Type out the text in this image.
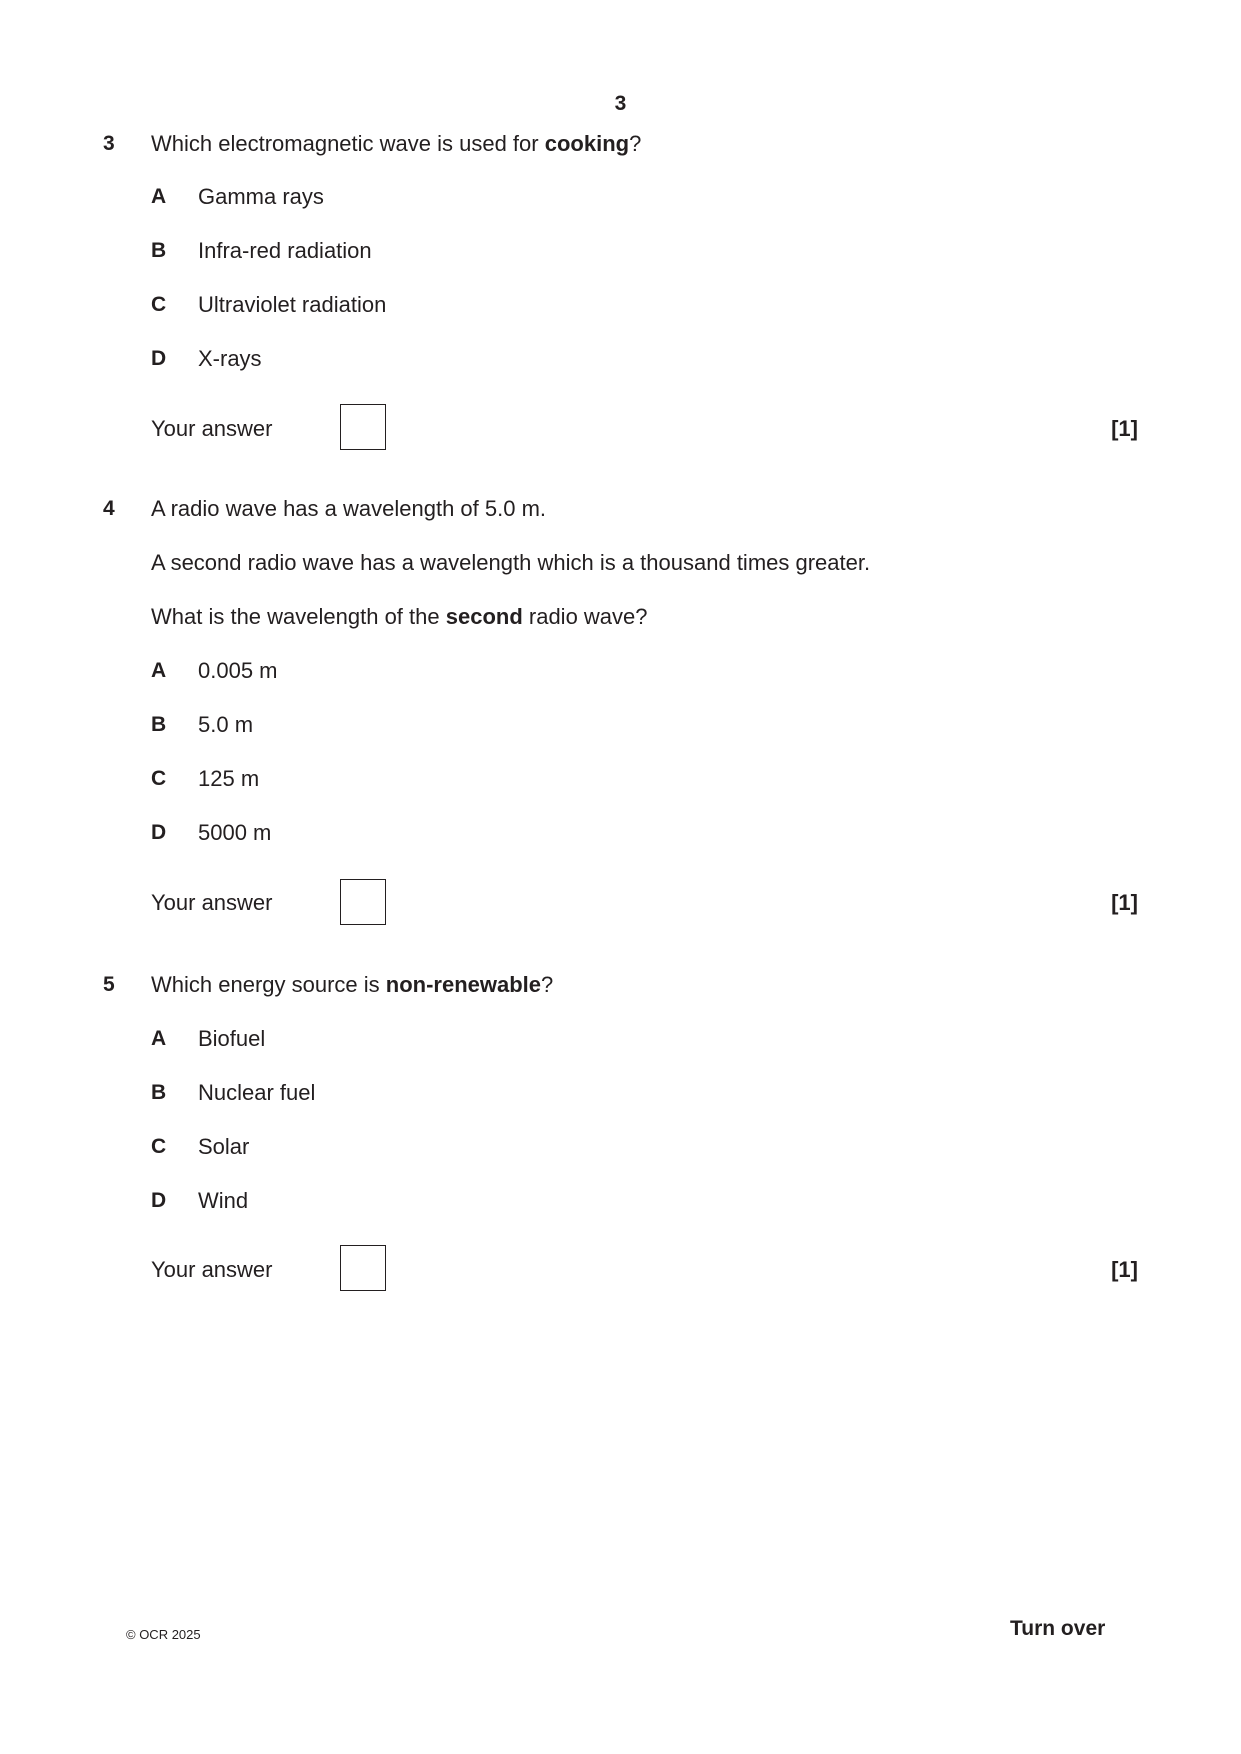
3
3 Which electromagnetic wave is used for cooking?
A Gamma rays
B Infra-red radiation
C Ultraviolet radiation
D X-rays
Your answer	[1]
4 A radio wave has a wavelength of 5.0 m.
A second radio wave has a wavelength which is a thousand times greater.
What is the wavelength of the second radio wave?
A 0.005 m
B 5.0 m
C 125 m
D 5000 m
Your answer	[1]
5 Which energy source is non-renewable?
A Biofuel
B Nuclear fuel
C Solar
D Wind
Your answer	[1]
© OCR 2025	Turn over
